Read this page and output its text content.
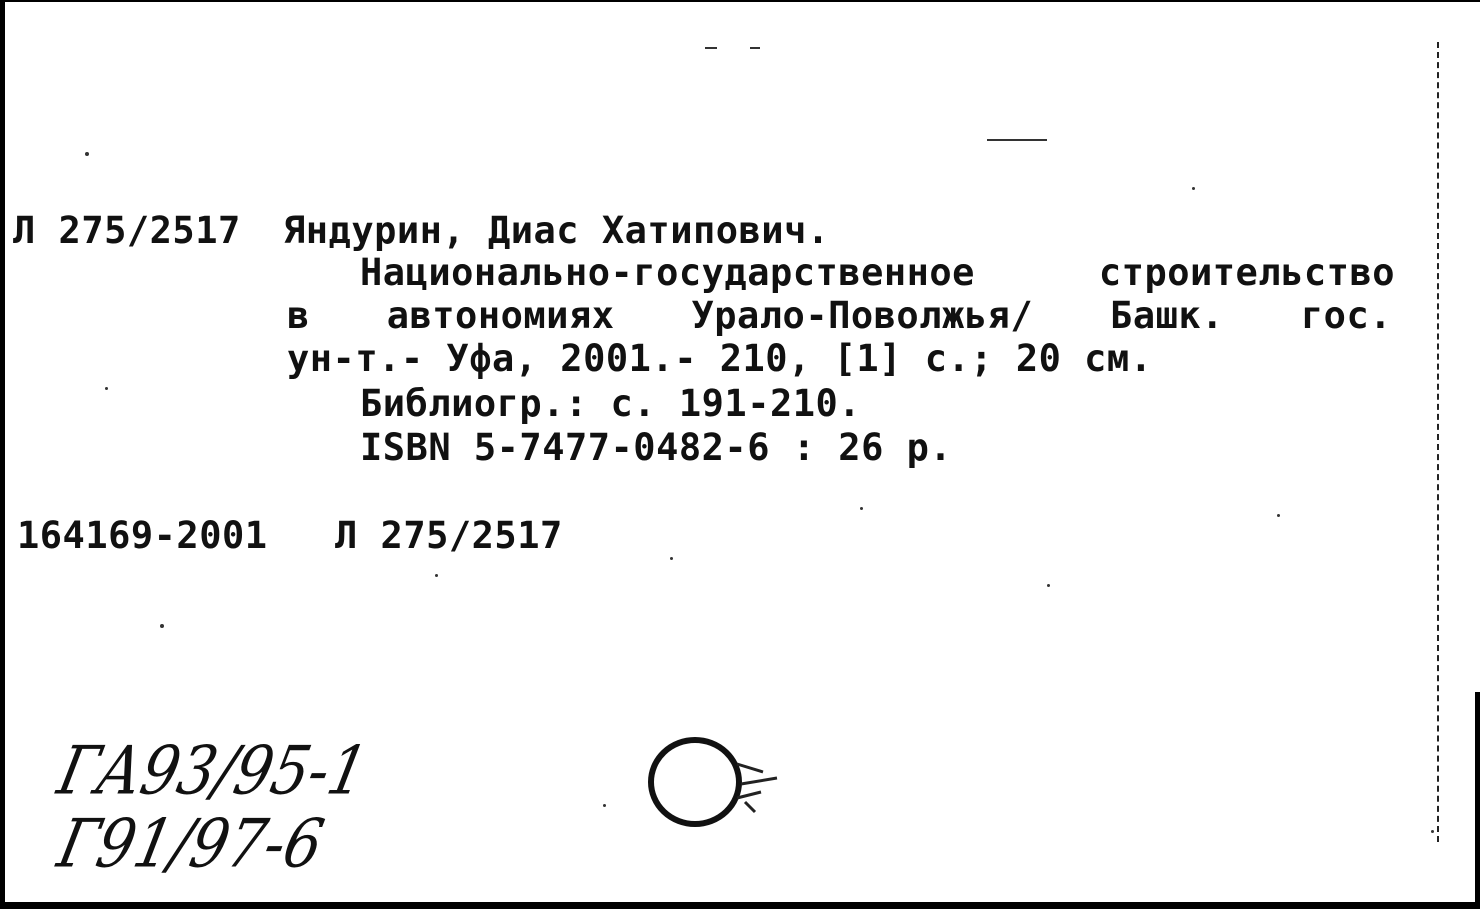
Л 275/2517 Яндурин, Диас Хатипович.
Национально-государственное	строительство
в автономиях Урало-Поволжья/ Башк. гос.
ун-т.- Уфа, 2001.- 210, [1] с.; 20 см.
Библиогр.: с. 191-210.
ISBN 5-7477-0482-6 : 26 р.
164169-2001 Л 275/2517
ГА93/95-1
Г91/97-6
